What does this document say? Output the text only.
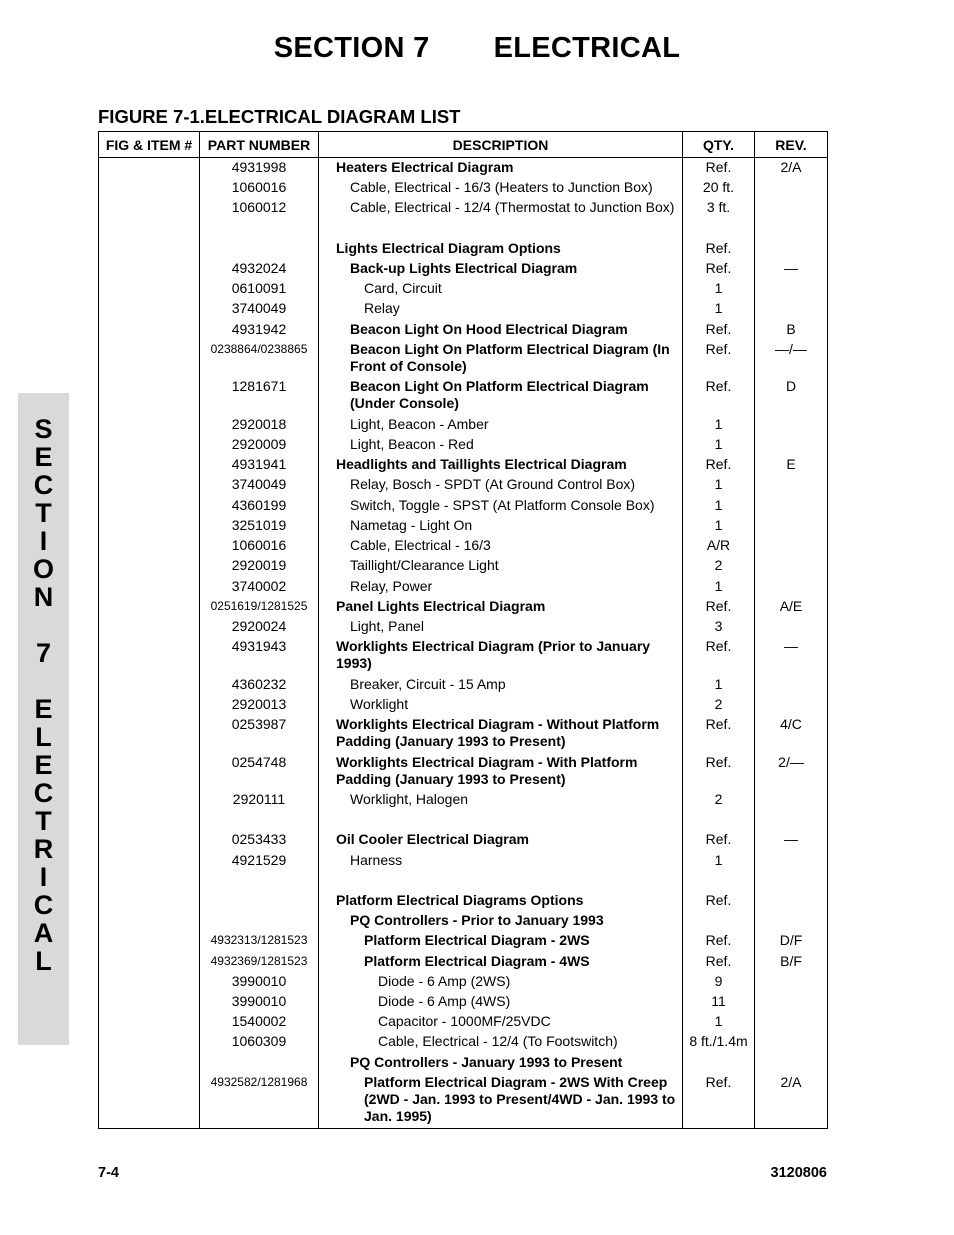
SECTION 7 ELECTRICAL
FIGURE 7-1.ELECTRICAL DIAGRAM LIST
S
E
C
T
I
O
N
7
E
L
E
C
T
R
I
C
A
L
FIG & ITEM #	PART NUMBER	DESCRIPTION	QTY.	REV.
	4931998	Heaters Electrical Diagram	Ref.	2/A
	1060016	Cable, Electrical - 16/3 (Heaters to Junction Box)	20 ft.	
	1060012	Cable, Electrical - 12/4 (Thermostat to Junction Box)	3 ft.	

		Lights Electrical Diagram Options	Ref.	
	4932024	Back-up Lights Electrical Diagram	Ref.	—
	0610091	Card, Circuit	1	
	3740049	Relay	1	
	4931942	Beacon Light On Hood Electrical Diagram	Ref.	B
	0238864/0238865	Beacon Light On Platform Electrical Diagram (In Front of Console)	Ref.	—/—
	1281671	Beacon Light On Platform Electrical Diagram (Under Console)	Ref.	D
	2920018	Light, Beacon - Amber	1	
	2920009	Light, Beacon - Red	1	
	4931941	Headlights and Taillights Electrical Diagram	Ref.	E
	3740049	Relay, Bosch - SPDT (At Ground Control Box)	1	
	4360199	Switch, Toggle - SPST (At Platform Console Box)	1	
	3251019	Nametag - Light On	1	
	1060016	Cable, Electrical - 16/3	A/R	
	2920019	Taillight/Clearance Light	2	
	3740002	Relay, Power	1	
	0251619/1281525	Panel Lights Electrical Diagram	Ref.	A/E
	2920024	Light, Panel	3	
	4931943	Worklights Electrical Diagram (Prior to January 1993)	Ref.	—
	4360232	Breaker, Circuit - 15 Amp	1	
	2920013	Worklight	2	
	0253987	Worklights Electrical Diagram - Without Platform Padding (January 1993 to Present)	Ref.	4/C
	0254748	Worklights Electrical Diagram - With Platform Padding (January 1993 to Present)	Ref.	2/—
	2920111	Worklight, Halogen	2	

	0253433	Oil Cooler Electrical Diagram	Ref.	—
	4921529	Harness	1	

		Platform Electrical Diagrams Options	Ref.	
		PQ Controllers - Prior to January 1993		
	4932313/1281523	Platform Electrical Diagram - 2WS	Ref.	D/F
	4932369/1281523	Platform Electrical Diagram - 4WS	Ref.	B/F
	3990010	Diode - 6 Amp (2WS)	9	
	3990010	Diode - 6 Amp (4WS)	11	
	1540002	Capacitor - 1000MF/25VDC	1	
	1060309	Cable, Electrical - 12/4 (To Footswitch)	8 ft./1.4m	
		PQ Controllers - January 1993 to Present		
	4932582/1281968	Platform Electrical Diagram - 2WS With Creep (2WD - Jan. 1993 to Present/4WD - Jan. 1993 to Jan. 1995)	Ref.	2/A

7-4	3120806
